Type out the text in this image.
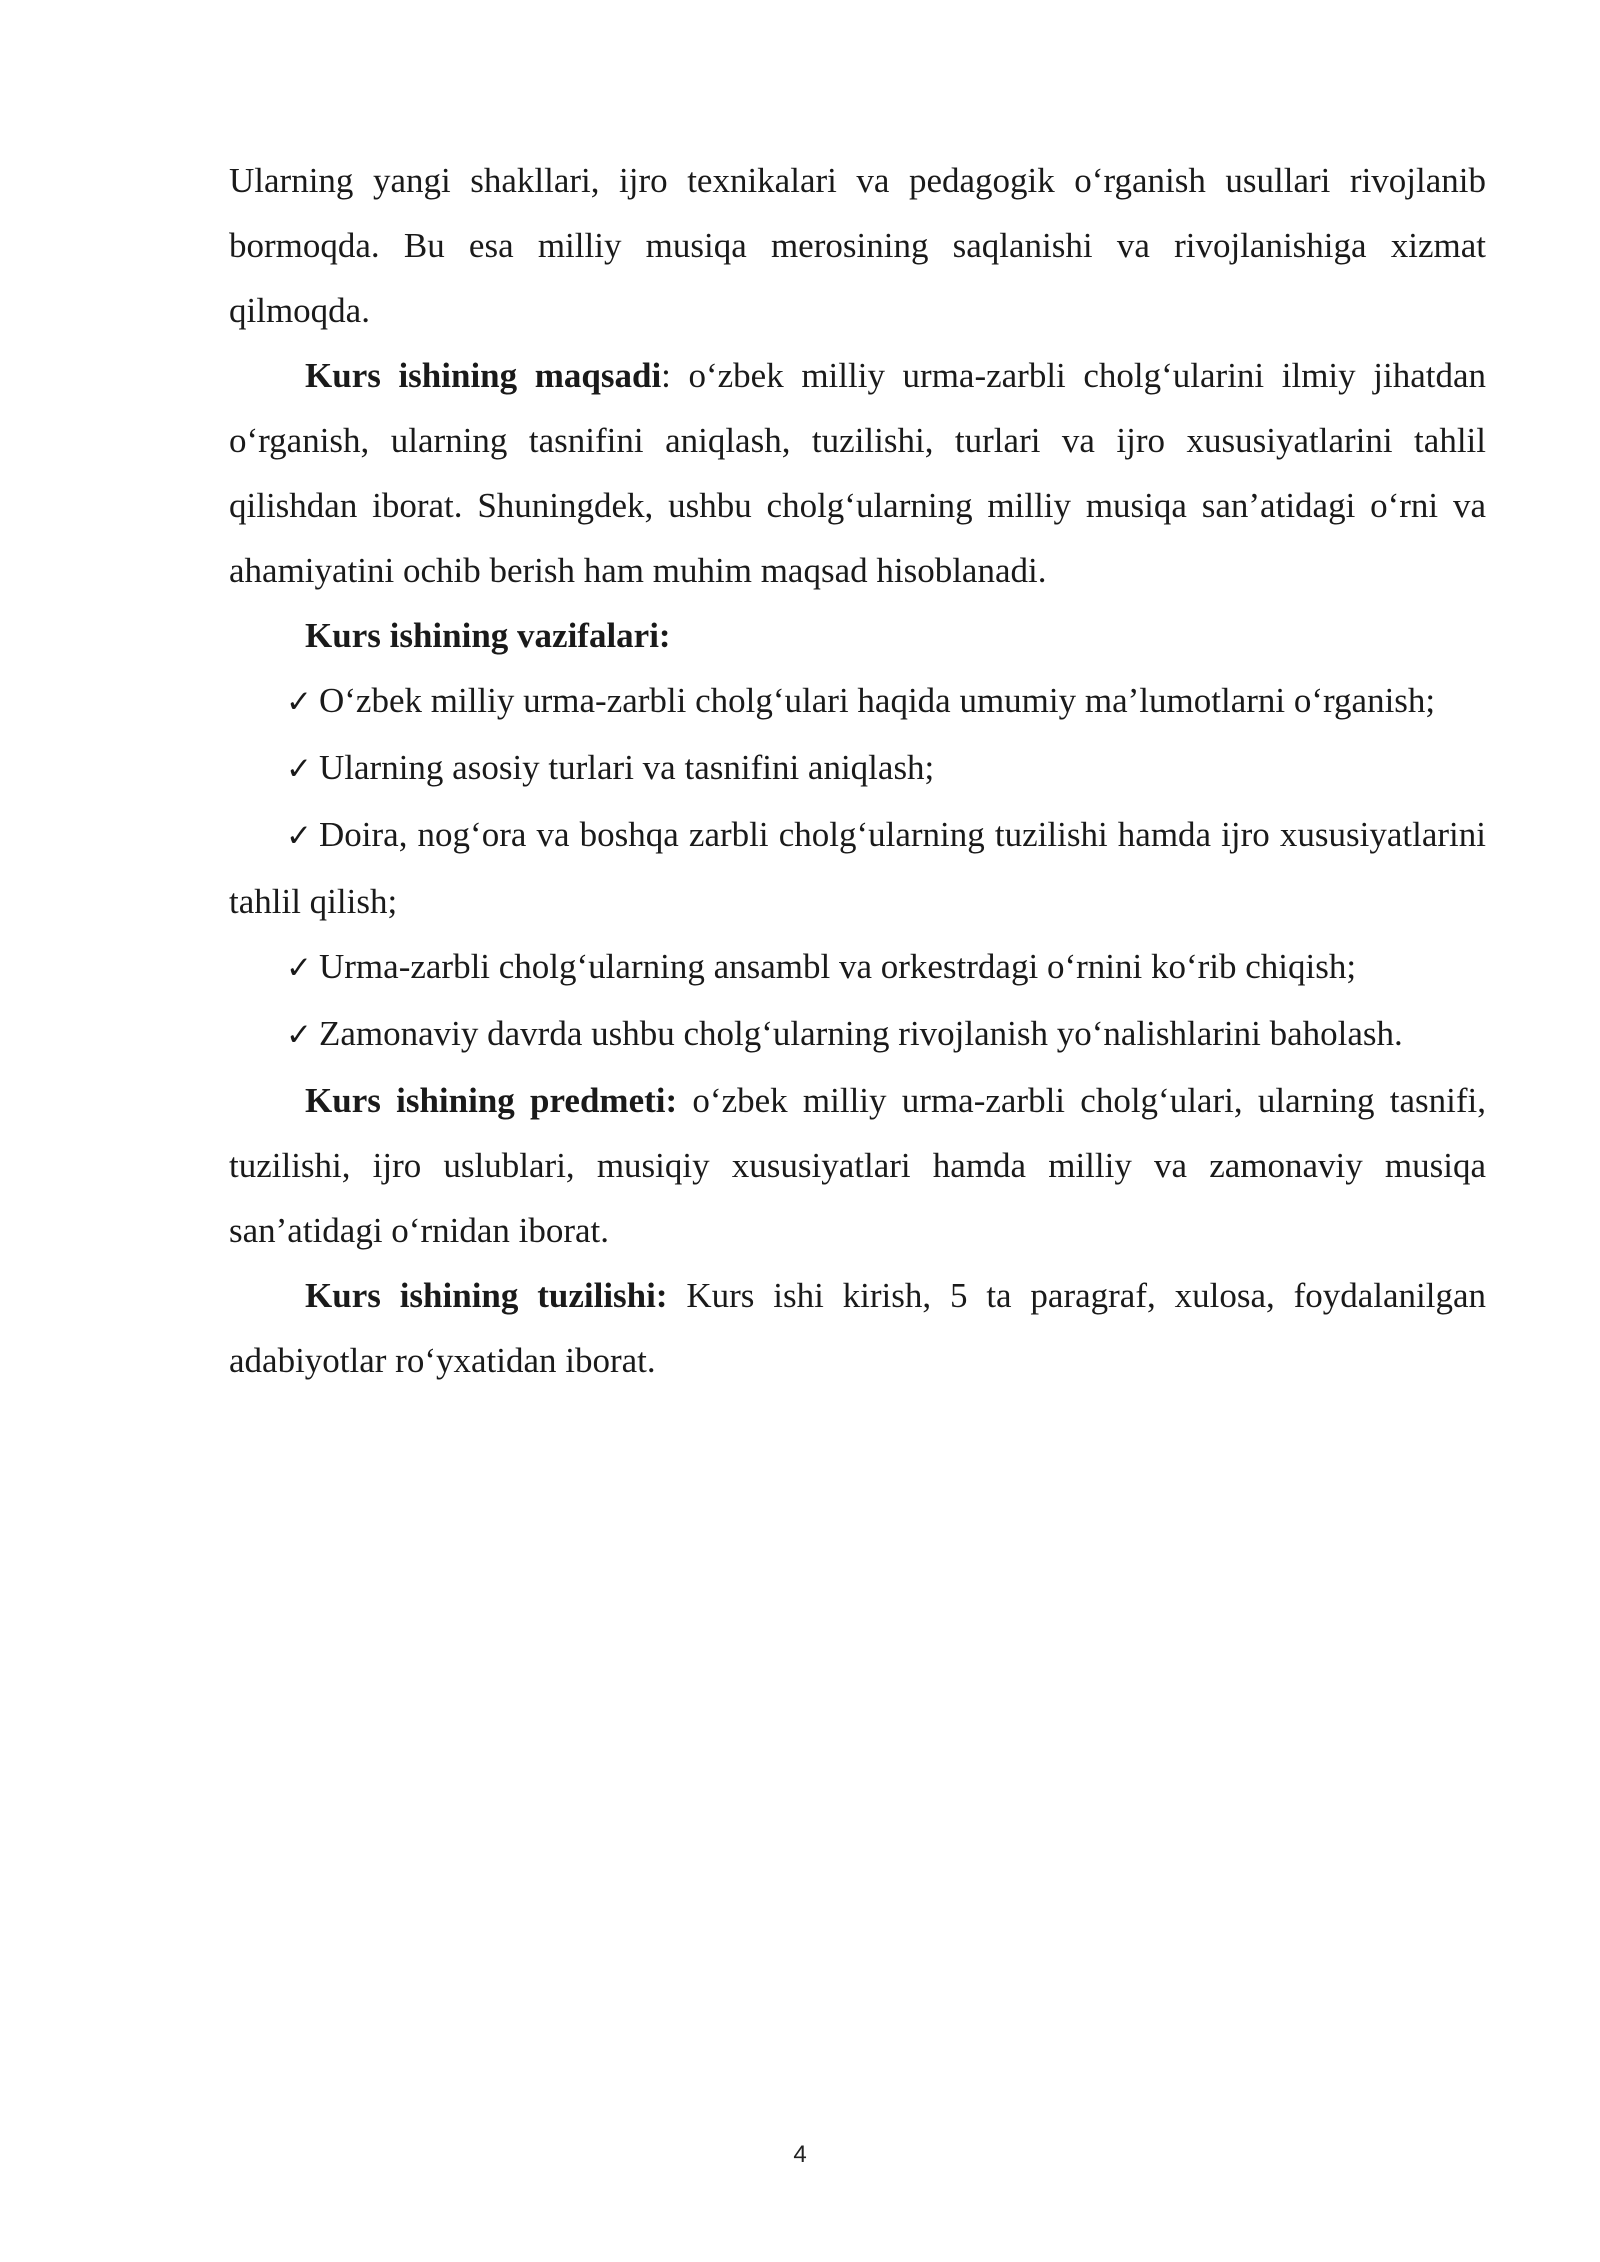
Ularning yangi shakllari, ijro texnikalari va pedagogik o‘rganish usullari rivojlanib bormoqda. Bu esa milliy musiqa merosining saqlanishi va rivojlanishiga xizmat qilmoqda.

Kurs ishining maqsadi: o‘zbek milliy urma-zarbli cholg‘ularini ilmiy jihatdan o‘rganish, ularning tasnifini aniqlash, tuzilishi, turlari va ijro xususiyatlarini tahlil qilishdan iborat. Shuningdek, ushbu cholg‘ularning milliy musiqa san’atidagi o‘rni va ahamiyatini ochib berish ham muhim maqsad hisoblanadi.

Kurs ishining vazifalari:

✓ O‘zbek milliy urma-zarbli cholg‘ulari haqida umumiy ma’lumotlarni o‘rganish;

✓ Ularning asosiy turlari va tasnifini aniqlash;

✓ Doira, nog‘ora va boshqa zarbli cholg‘ularning tuzilishi hamda ijro xususiyatlarini tahlil qilish;

✓ Urma-zarbli cholg‘ularning ansambl va orkestrdagi o‘rnini ko‘rib chiqish;

✓ Zamonaviy davrda ushbu cholg‘ularning rivojlanish yo‘nalishlarini baholash.

Kurs ishining predmeti: o‘zbek milliy urma-zarbli cholg‘ulari, ularning tasnifi, tuzilishi, ijro uslublari, musiqiy xususiyatlari hamda milliy va zamonaviy musiqa san’atidagi o‘rnidan iborat.

Kurs ishining tuzilishi: Kurs ishi kirish, 5 ta paragraf, xulosa, foydalanilgan adabiyotlar ro‘yxatidan iborat.

4
